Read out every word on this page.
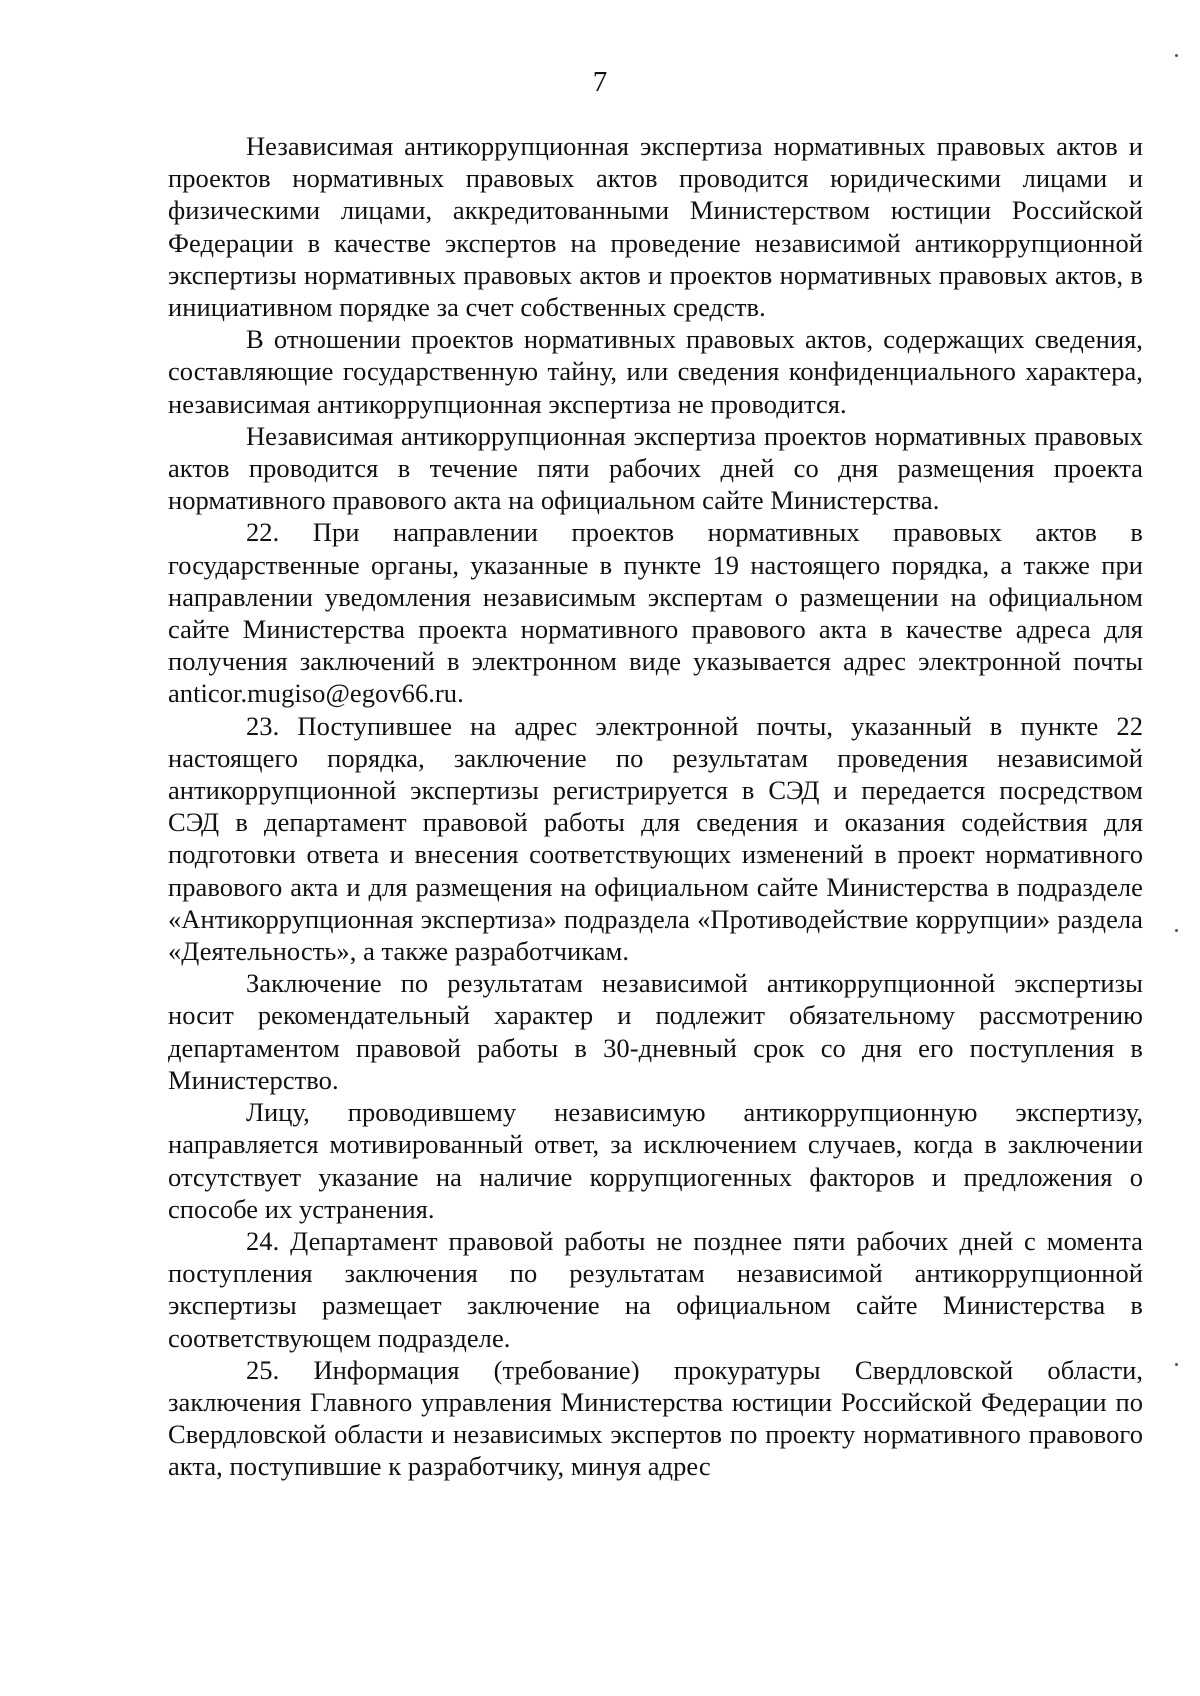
7

Независимая антикоррупционная экспертиза нормативных правовых актов и проектов нормативных правовых актов проводится юридическими лицами и физическими лицами, аккредитованными Министерством юстиции Российской Федерации в качестве экспертов на проведение независимой антикоррупционной экспертизы нормативных правовых актов и проектов нормативных правовых актов, в инициативном порядке за счет собственных средств.

В отношении проектов нормативных правовых актов, содержащих сведения, составляющие государственную тайну, или сведения конфиденциального характера, независимая антикоррупционная экспертиза не проводится.

Независимая антикоррупционная экспертиза проектов нормативных правовых актов проводится в течение пяти рабочих дней со дня размещения проекта нормативного правового акта на официальном сайте Министерства.

22. При направлении проектов нормативных правовых актов в государственные органы, указанные в пункте 19 настоящего порядка, а также при направлении уведомления независимым экспертам о размещении на официальном сайте Министерства проекта нормативного правового акта в качестве адреса для получения заключений в электронном виде указывается адрес электронной почты anticor.mugiso@egov66.ru.

23. Поступившее на адрес электронной почты, указанный в пункте 22 настоящего порядка, заключение по результатам проведения независимой антикоррупционной экспертизы регистрируется в СЭД и передается посредством СЭД в департамент правовой работы для сведения и оказания содействия для подготовки ответа и внесения соответствующих изменений в проект нормативного правового акта и для размещения на официальном сайте Министерства в подразделе «Антикоррупционная экспертиза» подраздела «Противодействие коррупции» раздела «Деятельность», а также разработчикам.

Заключение по результатам независимой антикоррупционной экспертизы носит рекомендательный характер и подлежит обязательному рассмотрению департаментом правовой работы в 30-дневный срок со дня его поступления в Министерство.

Лицу, проводившему независимую антикоррупционную экспертизу, направляется мотивированный ответ, за исключением случаев, когда в заключении отсутствует указание на наличие коррупциогенных факторов и предложения о способе их устранения.

24. Департамент правовой работы не позднее пяти рабочих дней с момента поступления заключения по результатам независимой антикоррупционной экспертизы размещает заключение на официальном сайте Министерства в соответствующем подразделе.

25. Информация (требование) прокуратуры Свердловской области, заключения Главного управления Министерства юстиции Российской Федерации по Свердловской области и независимых экспертов по проекту нормативного правового акта, поступившие к разработчику, минуя адрес
